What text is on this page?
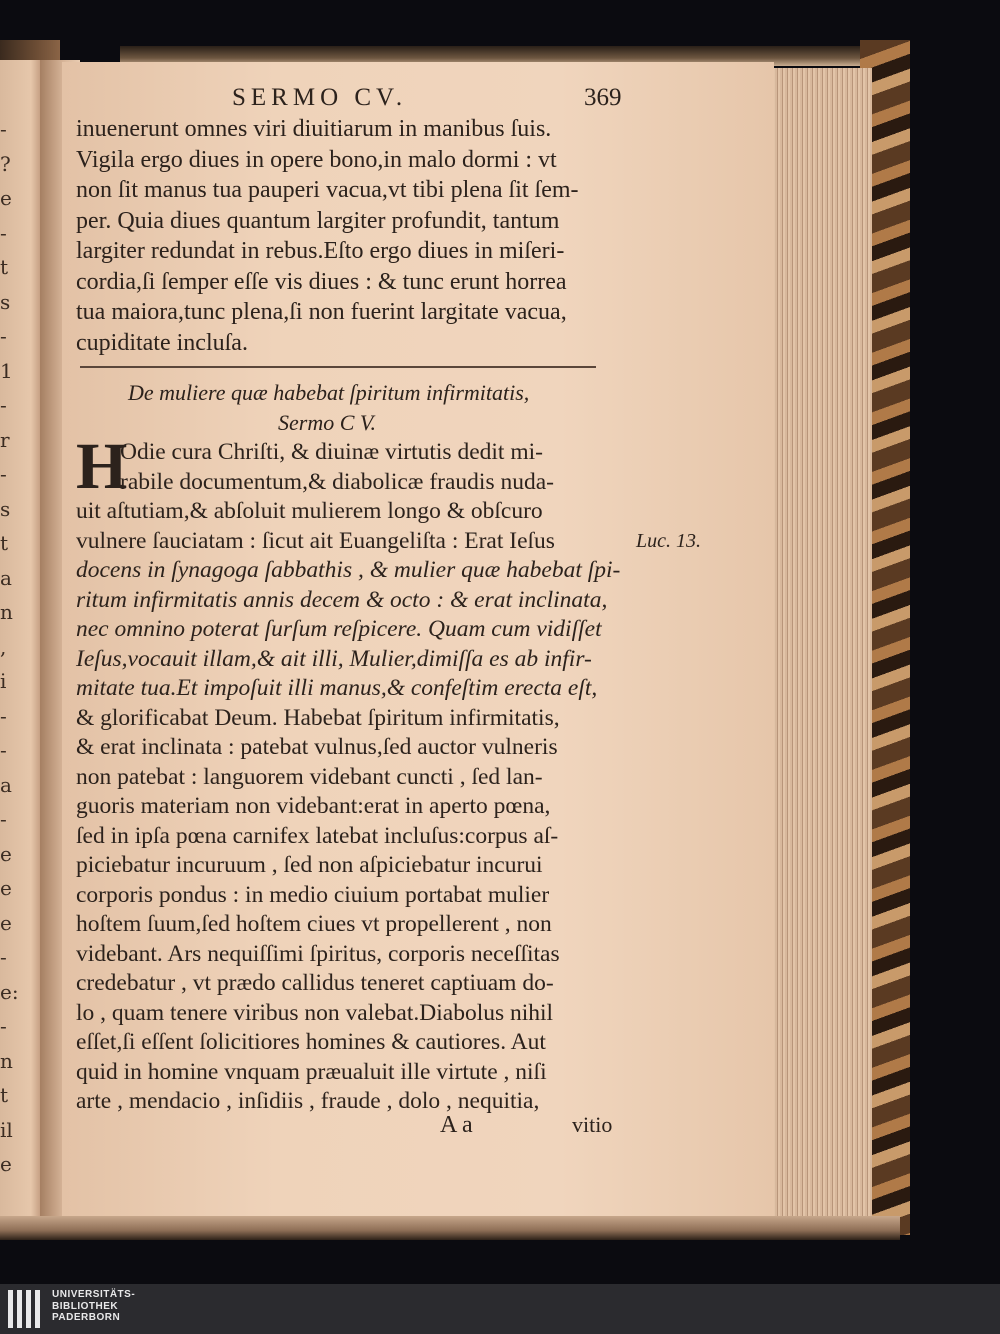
-
?
e
-
t
s
-
1
-
r
-
s
t
a
n
,
i
-
-
a
-
e
e
e
-
e:
-
n
t
il
e
SERMO CV.	369
inuenerunt omnes viri diuitiarum in manibus ſuis.
Vigila ergo diues in opere bono,in malo dormi : vt
non ſit manus tua pauperi vacua,vt tibi plena ſit ſem-
per. Quia diues quantum largiter profundit, tantum
largiter redundat in rebus.Eſto ergo diues in miſeri-
cordia,ſi ſemper eſſe vis diues : & tunc erunt horrea
tua maiora,tunc plena,ſi non fuerint largitate vacua,
cupiditate incluſa.
De muliere quæ habebat ſpiritum infirmitatis,
Sermo C V.
H
Odie cura Chriſti, & diuinæ virtutis dedit mi-
rabile documentum,& diabolicæ fraudis nuda-
uit aſtutiam,& abſoluit mulierem longo & obſcuro
vulnere ſauciatam : ſicut ait Euangeliſta : Erat Ieſus
docens in ſynagoga ſabbathis , & mulier quæ habebat ſpi-
ritum infirmitatis annis decem & octo : & erat inclinata,
nec omnino poterat ſurſum reſpicere. Quam cum vidiſſet
Ieſus,vocauit illam,& ait illi, Mulier,dimiſſa es ab infir-
mitate tua.Et impoſuit illi manus,& confeſtim erecta eſt,
& glorificabat Deum. Habebat ſpiritum infirmitatis,
& erat inclinata : patebat vulnus,ſed auctor vulneris
non patebat : languorem videbant cuncti , ſed lan-
guoris materiam non videbant:erat in aperto pœna,
ſed in ipſa pœna carnifex latebat incluſus:corpus aſ-
piciebatur incuruum , ſed non aſpiciebatur incurui
corporis pondus : in medio ciuium portabat mulier
hoſtem ſuum,ſed hoſtem ciues vt propellerent , non
videbant. Ars nequiſſimi ſpiritus, corporis neceſſitas
credebatur , vt prædo callidus teneret captiuam do-
lo , quam tenere viribus non valebat.Diabolus nihil
eſſet,ſi eſſent ſolicitiores homines & cautiores. Aut
quid in homine vnquam præualuit ille virtute , niſi
arte , mendacio , inſidiis , fraude , dolo , nequitia,
Luc. 13.
A a	vitio
UNIVERSITÄTS-
BIBLIOTHEK
PADERBORN
